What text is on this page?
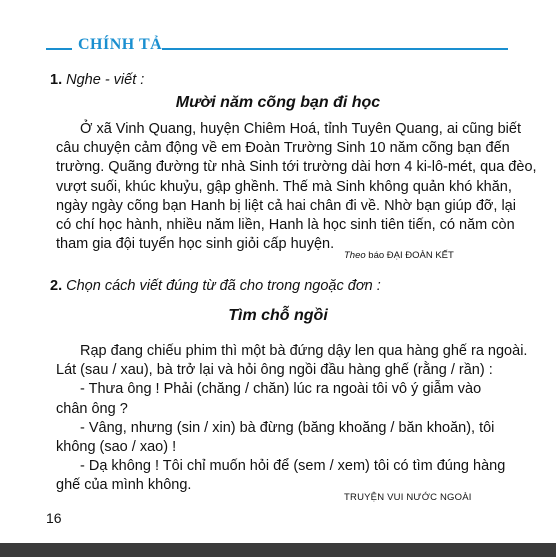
CHÍNH TẢ
1. Nghe - viết :
Mười năm cõng bạn đi học
Ở xã Vinh Quang, huyện Chiêm Hoá, tỉnh Tuyên Quang, ai cũng biết
câu chuyện cảm động về em Đoàn Trường Sinh 10 năm cõng bạn đến
trường. Quãng đường từ nhà Sinh tới trường dài hơn 4 ki-lô-mét, qua đèo,
vượt suối, khúc khuỷu, gập ghềnh. Thế mà Sinh không quản khó khăn,
ngày ngày cõng bạn Hanh bị liệt cả hai chân đi về. Nhờ bạn giúp đỡ, lại
có chí học hành, nhiều năm liền, Hanh là học sinh tiên tiến, có năm còn
tham gia đội tuyển học sinh giỏi cấp huyện.
Theo báo ĐẠI ĐOÀN KẾT
2. Chọn cách viết đúng từ đã cho trong ngoặc đơn :
Tìm chỗ ngồi
Rạp đang chiếu phim thì một bà đứng dậy len qua hàng ghế ra ngoài.
Lát (sau / xau), bà trở lại và hỏi ông ngồi đầu hàng ghế (rằng / rần) :
- Thưa ông ! Phải (chăng / chăn) lúc ra ngoài tôi vô ý giẫm vào
chân ông ?
- Vâng, nhưng (sin / xin) bà đừng (băng khoăng / băn khoăn), tôi
không (sao / xao) !
- Dạ không ! Tôi chỉ muốn hỏi để (sem / xem) tôi có tìm đúng hàng
ghế của mình không.
TRUYỆN VUI NƯỚC NGOÀI
16
